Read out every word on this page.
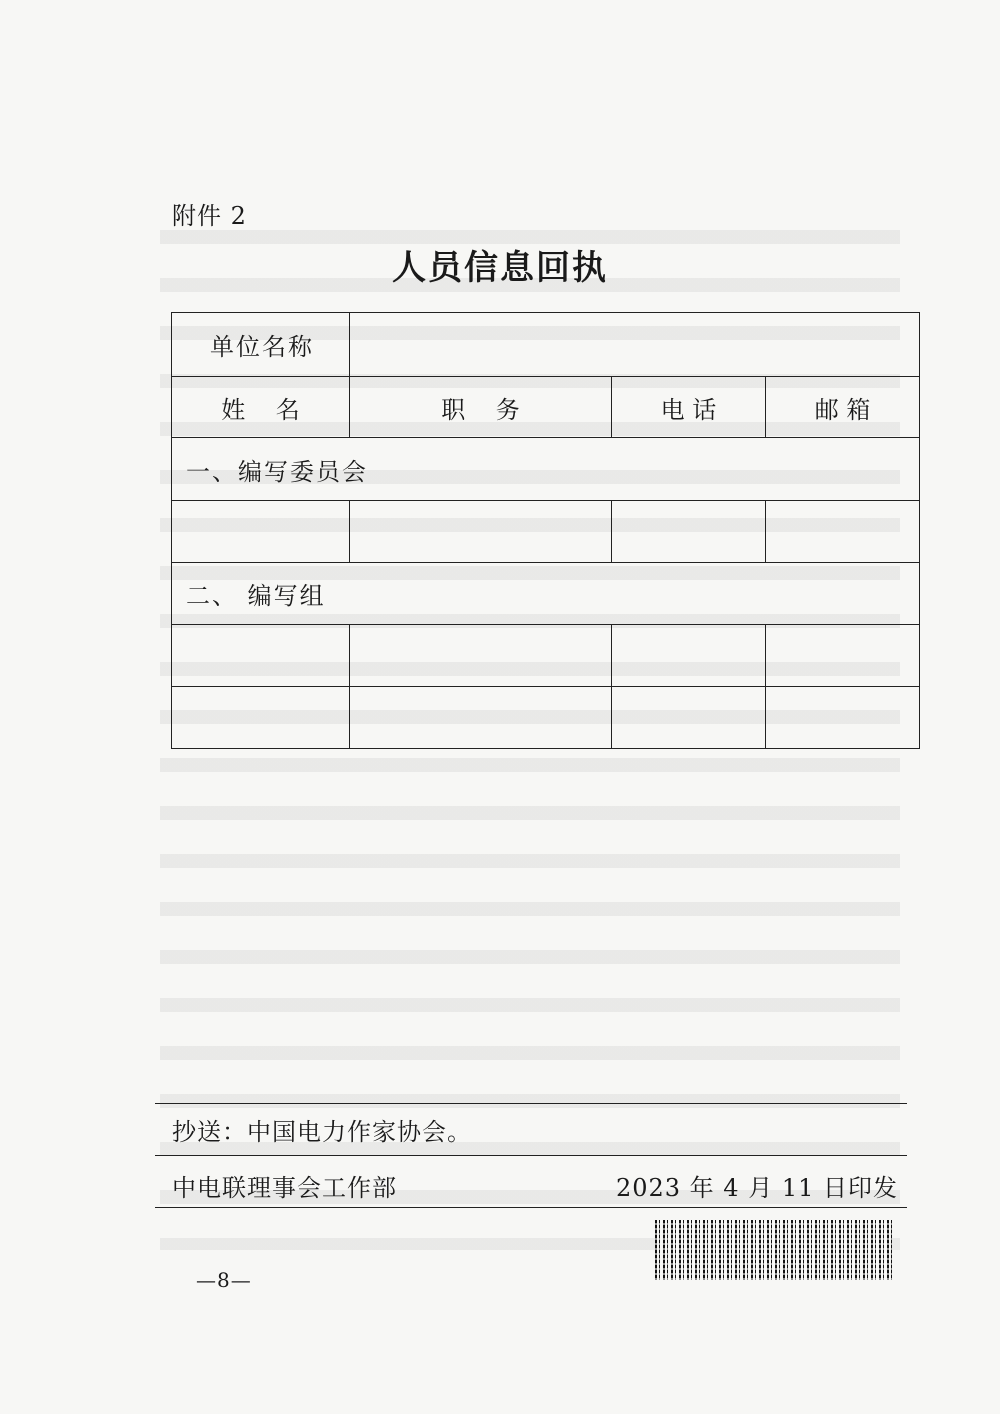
附件 2
人员信息回执
单位名称			
姓    名	职    务	电 话	邮 箱
一、编写委员会			

二、 编写组			

抄送：中国电力作家协会。
中电联理事会工作部	2023 年 4 月 11 日印发
—8—
